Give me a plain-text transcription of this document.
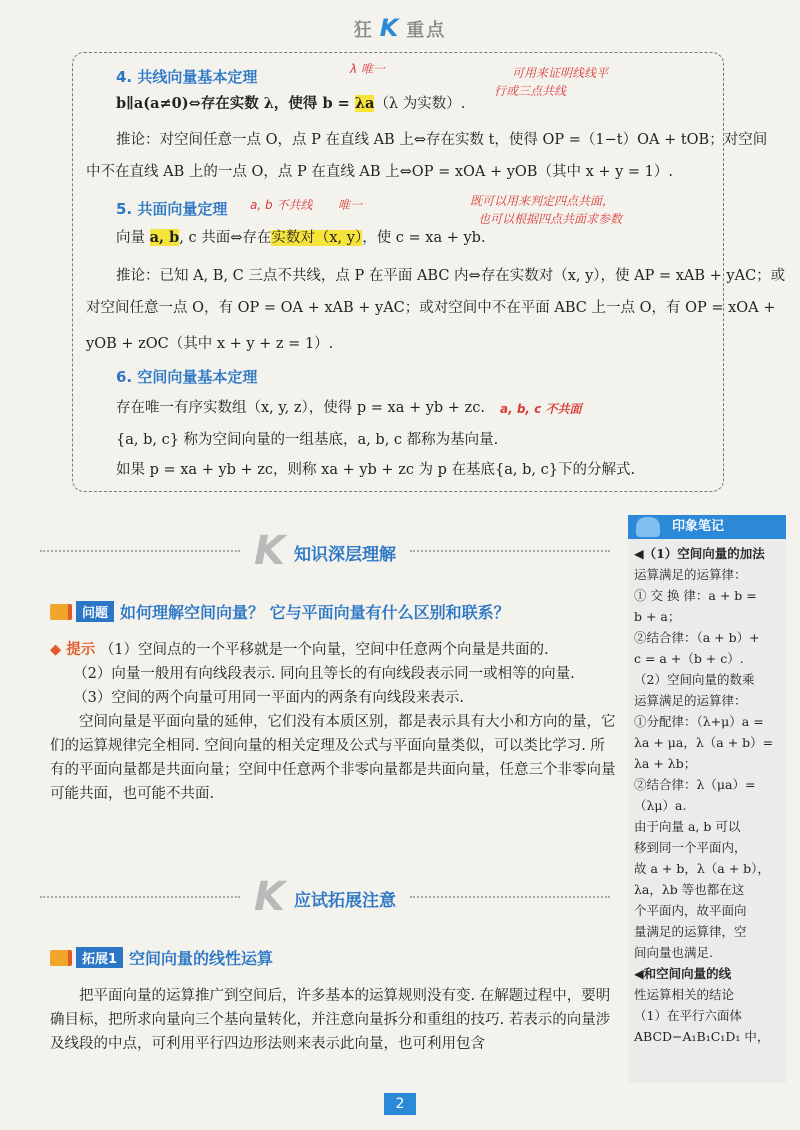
狂 K 重点
4. 共线向量基本定理	λ 唯一	可用来证明线线平
行或三点共线
b∥a(a≠0)⇔存在实数 λ，使得 b = λa（λ 为实数）.
推论：对空间任意一点 O，点 P 在直线 AB 上⇔存在实数 t，使得 OP =（1−t）OA + tOB；对空间
中不在直线 AB 上的一点 O，点 P 在直线 AB 上⇔OP = xOA + yOB（其中 x + y = 1）.
5. 共面向量定理 a, b 不共线 唯一	既可以用来判定四点共面，
也可以根据四点共面求参数
向量 a, b, c 共面⇔存在实数对（x, y），使 c = xa + yb.
推论：已知 A, B, C 三点不共线，点 P 在平面 ABC 内⇔存在实数对（x, y），使 AP = xAB + yAC；或
对空间任意一点 O，有 OP = OA + xAB + yAC；或对空间中不在平面 ABC 上一点 O，有 OP = xOA +
yOB + zOC（其中 x + y + z = 1）.
6. 空间向量基本定理
存在唯一有序实数组（x, y, z），使得 p = xa + yb + zc. a, b, c 不共面
{a, b, c} 称为空间向量的一组基底，a, b, c 都称为基向量.
如果 p = xa + yb + zc，则称 xa + yb + zc 为 p 在基底{a, b, c}下的分解式.
K 知识深层理解
问题 如何理解空间向量？ 它与平面向量有什么区别和联系？
◆ 提示 （1）空间点的一个平移就是一个向量，空间中任意两个向量是共面的.
（2）向量一般用有向线段表示. 同向且等长的有向线段表示同一或相等的向量.
（3）空间的两个向量可用同一平面内的两条有向线段来表示.
空间向量是平面向量的延伸，它们没有本质区别，都是表示具有大小和方向的量，它们的运算规律完全相同. 空间向量的相关定理及公式与平面向量类似，可以类比学习. 所有的平面向量都是共面向量；空间中任意两个非零向量都是共面向量，任意三个非零向量可能共面，也可能不共面.
K 应试拓展注意
拓展1 空间向量的线性运算
把平面向量的运算推广到空间后，许多基本的运算规则没有变. 在解题过程中，要明确目标，把所求向量向三个基向量转化，并注意向量拆分和重组的技巧. 若表示的向量涉及线段的中点，可利用平行四边形法则来表示此向量，也可利用包含
印象笔记
◀（1）空间向量的加法
运算满足的运算律：
① 交 换 律：a + b =
b + a；
②结合律：（a + b）+
c = a +（b + c）.
（2）空间向量的数乘
运算满足的运算律：
①分配律：（λ+μ）a =
λa + μa，λ（a + b）=
λa + λb；
②结合律：λ（μa）=
（λμ）a.
由于向量 a, b 可以
移到同一个平面内，
故 a + b，λ（a + b），
λa，λb 等也都在这
个平面内，故平面向
量满足的运算律，空
间向量也满足.
◀和空间向量的线
性运算相关的结论
（1）在平行六面体
ABCD−A₁B₁C₁D₁ 中，
2
